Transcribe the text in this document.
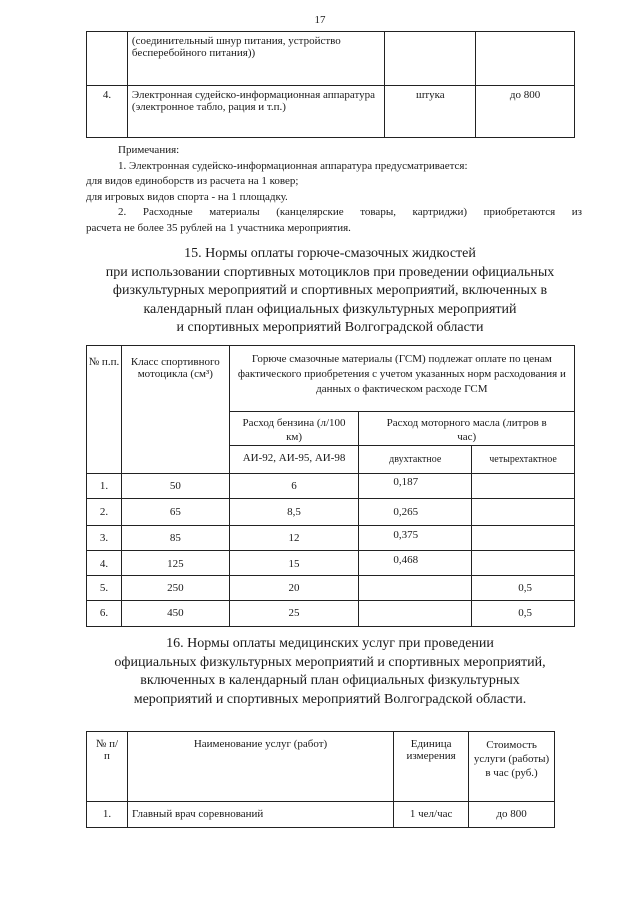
17
	(соединительный шнур питания, устройство бесперебойного питания))		
4.	Электронная судейско-информационная аппаратура (электронное табло, рация и т.п.)	штука	до 800
Примечания:
1. Электронная судейско-информационная аппаратура предусматривается:
для видов единоборств из расчета на 1 ковер;
для игровых видов спорта - на 1 площадку.
2. Расходные материалы (канцелярские товары, картриджи) приобретаются из
расчета не более 35 рублей на 1 участника мероприятия.
15. Нормы оплаты горюче-смазочных жидкостей
при использовании спортивных мотоциклов при проведении официальных
физкультурных мероприятий и спортивных мероприятий, включенных в
календарный план официальных физкультурных мероприятий
и спортивных мероприятий Волгоградской области
№ п.п.	Класс спортивного мотоцикла (см³)	Горюче смазочные материалы (ГСМ) подлежат оплате по ценам фактического приобретения с учетом указанных норм расходования и данных о фактическом расходе ГСМ		
		Расход бензина (л/100 км)	Расход моторного масла (литров в час)	
		АИ-92, АИ-95, АИ-98	двухтактное	четырехтактное
1.	50	6	0,187	
2.	65	8,5	0,265	
3.	85	12	0,375	
4.	125	15	0,468	
5.	250	20		0,5
6.	450	25		0,5
16. Нормы оплаты медицинских услуг при проведении
официальных физкультурных мероприятий и спортивных мероприятий,
включенных в календарный план официальных физкультурных
мероприятий и спортивных мероприятий Волгоградской области.
№ п/п	Наименование услуг (работ)	Единица измерения	Стоимость услуги (работы) в час (руб.)
1.	Главный врач соревнований	1 чел/час	до 800
